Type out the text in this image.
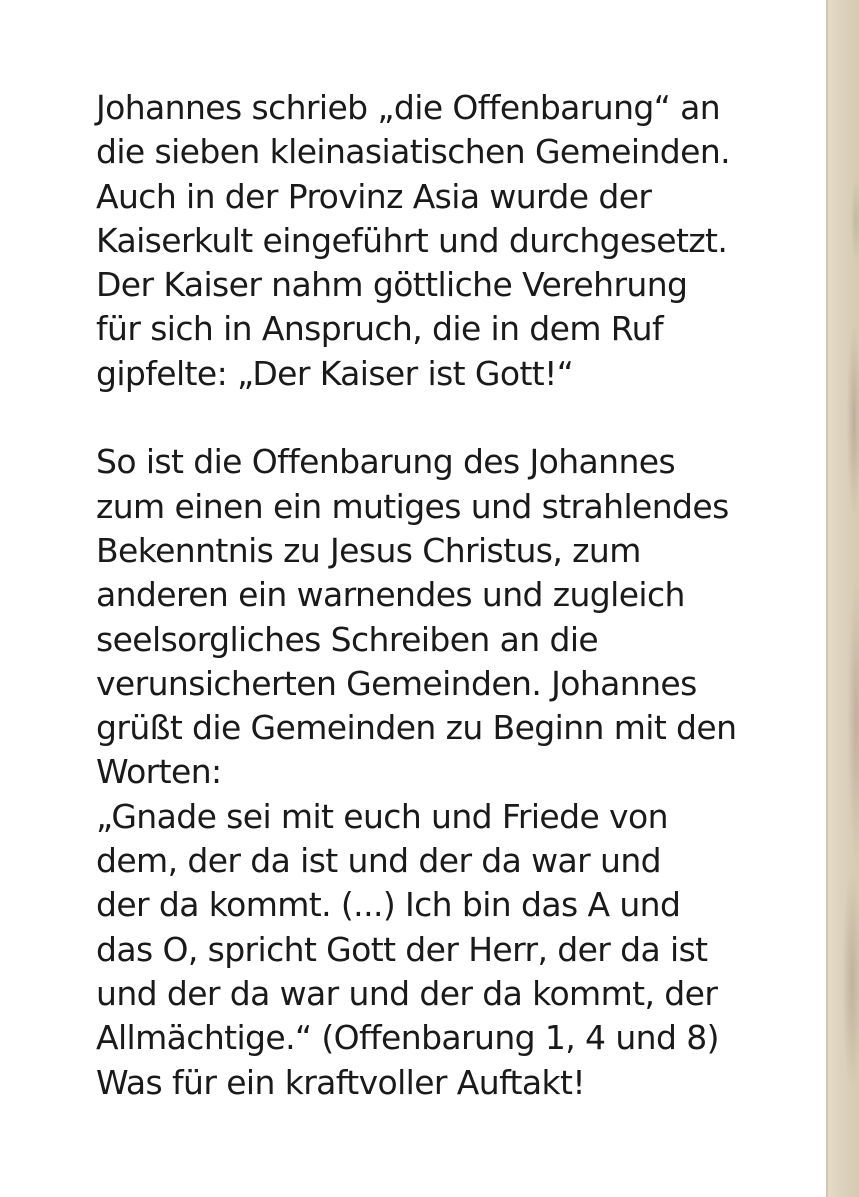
Johannes schrieb „die Offenbarung“ an
die sieben kleinasiatischen Gemeinden.
Auch in der Provinz Asia wurde der
Kaiserkult eingeführt und durchgesetzt.
Der Kaiser nahm göttliche Verehrung
für sich in Anspruch, die in dem Ruf
gipfelte: „Der Kaiser ist Gott!“
So ist die Offenbarung des Johannes
zum einen ein mutiges und strahlendes
Bekenntnis zu Jesus Christus, zum
anderen ein warnendes und zugleich
seelsorgliches Schreiben an die
verunsicherten Gemeinden. Johannes
grüßt die Gemeinden zu Beginn mit den
Worten:
„Gnade sei mit euch und Friede von
dem, der da ist und der da war und
der da kommt. (...) Ich bin das A und
das O, spricht Gott der Herr, der da ist
und der da war und der da kommt, der
Allmächtige.“ (Offenbarung 1, 4 und 8)
Was für ein kraftvoller Auftakt!
